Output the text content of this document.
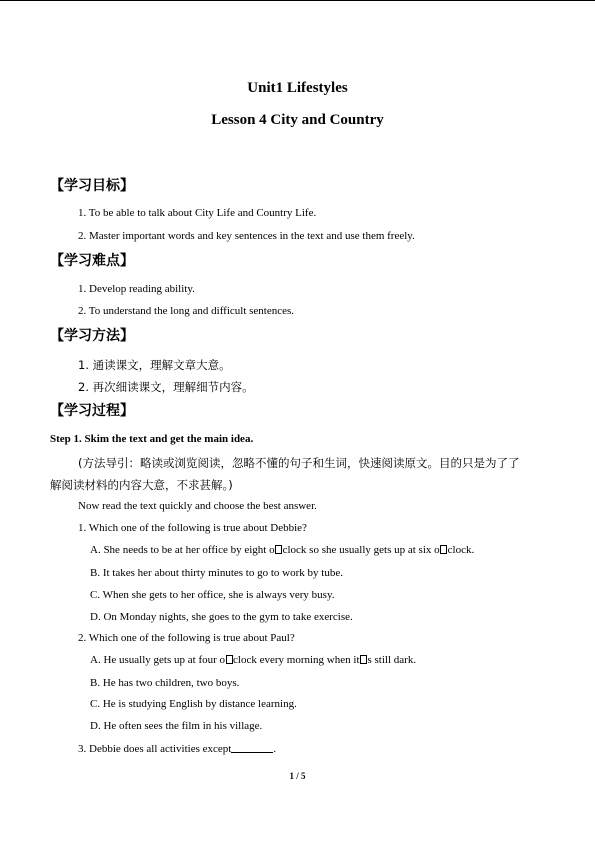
Unit1 Lifestyles
Lesson 4 City and Country
【学习目标】
1. To be able to talk about City Life and Country Life.
2. Master important words and key sentences in the text and use them freely.
【学习难点】
1. Develop reading ability.
2. To understand the long and difficult sentences.
【学习方法】
1. 通读课文，理解文章大意。
2. 再次细读课文，理解细节内容。
【学习过程】
Step 1. Skim the text and get the main idea.
(方法导引：略读或浏览阅读，忽略不懂的句子和生词，快速阅读原文。目的只是为了了
解阅读材料的内容大意，不求甚解。)
Now read the text quickly and choose the best answer.
1. Which one of the following is true about Debbie?
A. She needs to be at her office by eight o clock so she usually gets up at six o clock.
B. It takes her about thirty minutes to go to work by tube.
C. When she gets to her office, she is always very busy.
D. On Monday nights, she goes to the gym to take exercise.
2. Which one of the following is true about Paul?
A. He usually gets up at four o clock every morning when it s still dark.
B. He has two children, two boys.
C. He is studying English by distance learning.
D. He often sees the film in his village.
3. Debbie does all activities except	.
1 / 5
